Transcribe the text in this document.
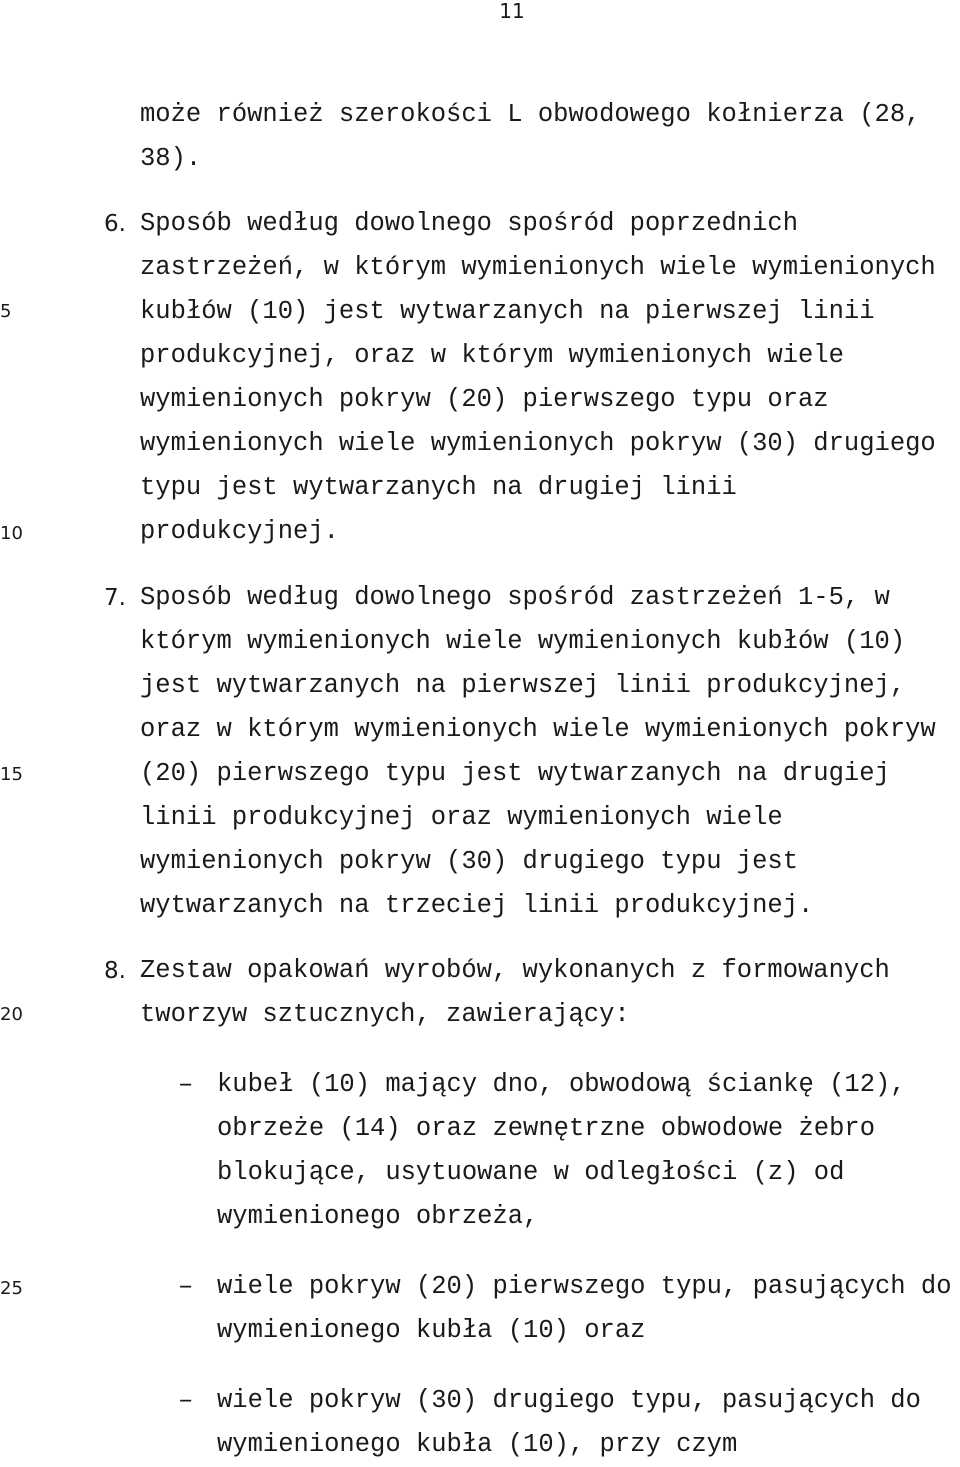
11
5
10
15
20
25
może również szerokości L obwodowego kołnierza (28,
38).
6. Sposób według dowolnego spośród poprzednich
zastrzeżeń, w którym wymienionych wiele wymienionych
kubłów (10) jest wytwarzanych na pierwszej linii
produkcyjnej, oraz w którym wymienionych wiele
wymienionych pokryw (20) pierwszego typu oraz
wymienionych wiele wymienionych pokryw (30) drugiego
typu jest wytwarzanych na drugiej linii
produkcyjnej.
7. Sposób według dowolnego spośród zastrzeżeń 1-5, w
którym wymienionych wiele wymienionych kubłów (10)
jest wytwarzanych na pierwszej linii produkcyjnej,
oraz w którym wymienionych wiele wymienionych pokryw
(20) pierwszego typu jest wytwarzanych na drugiej
linii produkcyjnej oraz wymienionych wiele
wymienionych pokryw (30) drugiego typu jest
wytwarzanych na trzeciej linii produkcyjnej.
8. Zestaw opakowań wyrobów, wykonanych z formowanych
tworzyw sztucznych, zawierający:
– kubeł (10) mający dno, obwodową ściankę (12),
obrzeże (14) oraz zewnętrzne obwodowe żebro
blokujące, usytuowane w odległości (z) od
wymienionego obrzeża,
– wiele pokryw (20) pierwszego typu, pasujących do
wymienionego kubła (10) oraz
– wiele pokryw (30) drugiego typu, pasujących do
wymienionego kubła (10), przy czym
